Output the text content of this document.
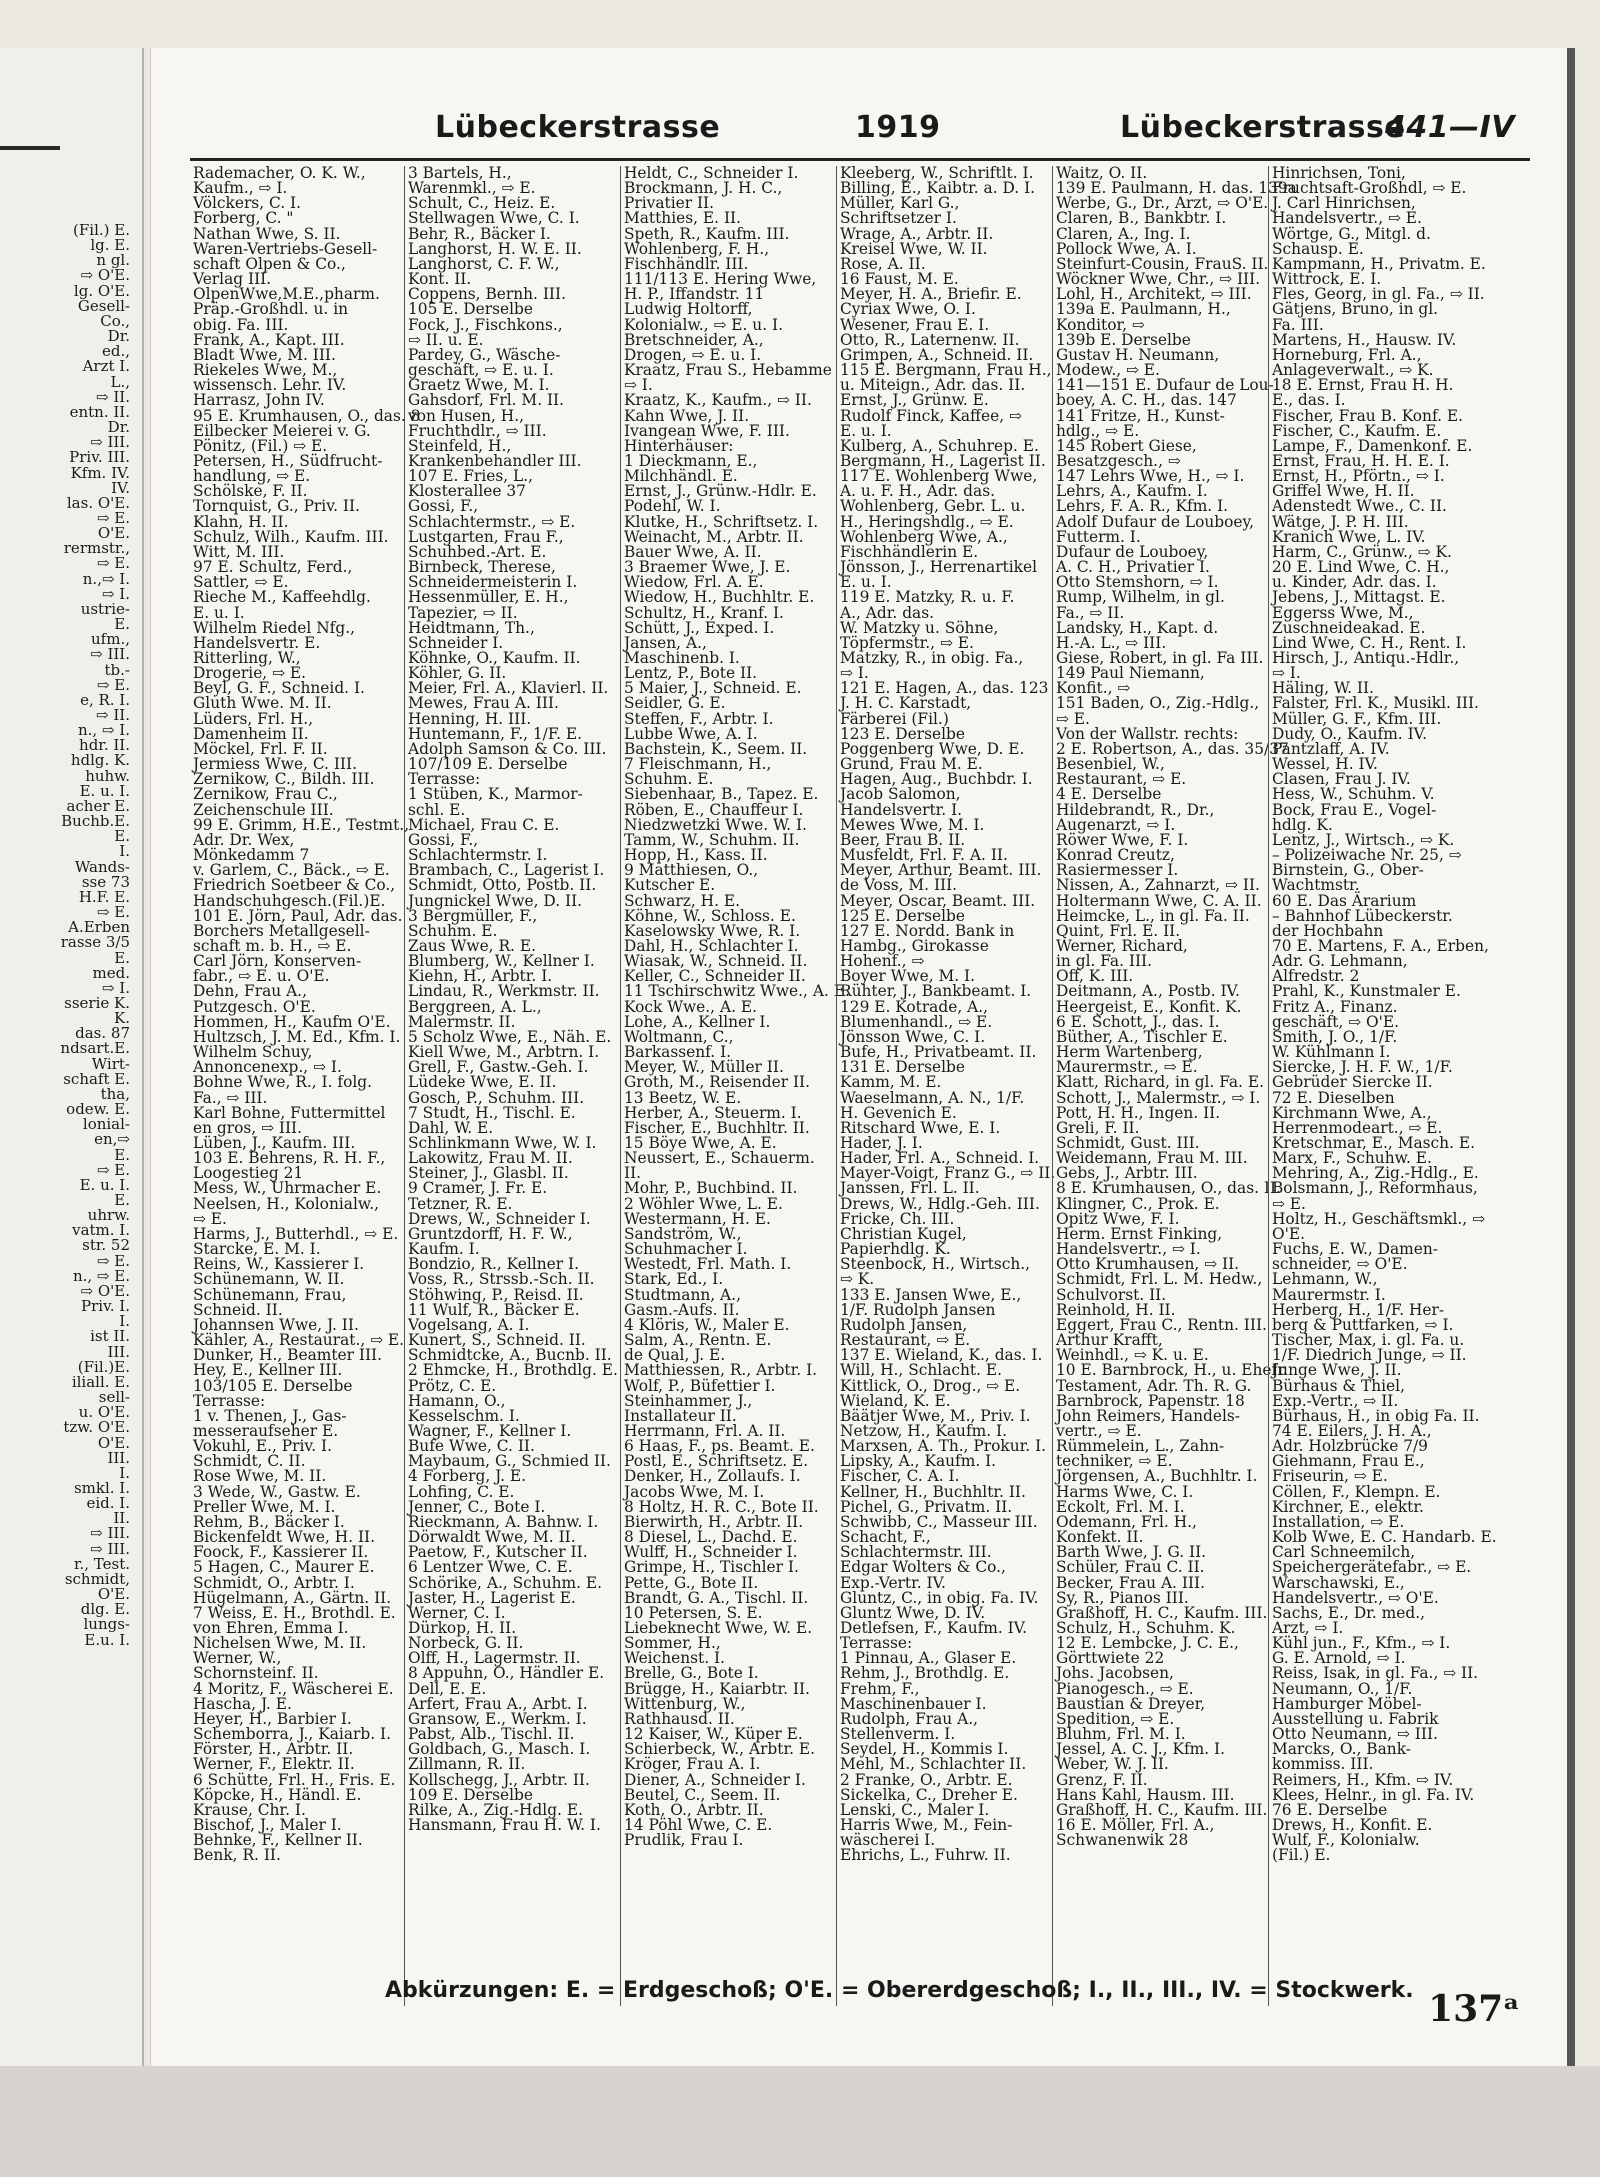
(Fil.) E.
lg. E.
n gl.
⇨ O'E.
lg. O'E.
Gesell-
Co.,
Dr.
ed.,
Arzt I.
L.,
⇨ II.
entn. II.
Dr.
⇨ III.
Priv. III.
Kfm. IV.
IV.
las. O'E.
⇨ E.
O'E.
rermstr.,
⇨ E.
n.,⇨ I.
⇨ I.
ustrie-
E.
ufm.,
⇨ III.
tb.-
⇨ E.
e, R. I.
⇨ II.
n., ⇨ I.
hdr. II.
hdlg. K.
huhw.
E. u. I.
acher E.
Buchb.E.
E.
I.
Wands-
sse 73
H.F. E.
⇨ E.
A.Erben
rasse 3/5
E.
med.
⇨ I.
sserie K.
K.
das. 87
ndsart.E.
Wirt-
schaft E.
tha,
odew. E.
lonial-
en,⇨
E.
⇨ E.
E. u. I.
E.
uhrw.
vatm. I.
str. 52
⇨ E.
n., ⇨ E.
⇨ O'E.
Priv. I.
I.
ist II.
III.
(Fil.)E.
iliall. E.
sell-
u. O'E.
tzw. O'E.
O'E.
III.
I.
smkl. I.
eid. I.
II.
⇨ III.
⇨ III.
r., Test.
schmidt,
O'E.
dlg. E.
lungs-
E.u. I.
Lübeckerstrasse	1919	Lübeckerstrasse
441—IV
Rademacher, O. K. W.,
Kaufm., ⇨ I.
Völckers, C. I.
Forberg, C. "
Nathan Wwe, S. II.
Waren-Vertriebs-Gesell-
schaft Olpen & Co.,
Verlag III.
OlpenWwe,M.E.,pharm.
Präp.-Großhdl. u. in
obig. Fa. III.
Frank, A., Kapt. III.
Bladt Wwe, M. III.
Riekeles Wwe, M.,
wissensch. Lehr. IV.
Harrasz, John IV.
95 E. Krumhausen, O., das. 8
Eilbecker Meierei v. G.
Pönitz, (Fil.) ⇨ E.
Petersen, H., Südfrucht-
handlung, ⇨ E.
Schölske, F. II.
Tornquist, G., Priv. II.
Klahn, H. II.
Schulz, Wilh., Kaufm. III.
Witt, M. III.
97 E. Schultz, Ferd.,
Sattler, ⇨ E.
Rieche M., Kaffeehdlg.
E. u. I.
Wilhelm Riedel Nfg.,
Handelsvertr. E.
Ritterling, W.,
Drogerie, ⇨ E.
Beyl, G. F., Schneid. I.
Gluth Wwe. M. II.
Lüders, Frl. H.,
Damenheim II.
Möckel, Frl. F. II.
Jermiess Wwe, C. III.
Zernikow, C., Bildh. III.
Zernikow, Frau C.,
Zeichenschule III.
99 E. Grimm, H.E., Testmt.,
Adr. Dr. Wex,
Mönkedamm 7
v. Garlem, C., Bäck., ⇨ E.
Friedrich Soetbeer & Co.,
Handschuhgesch.(Fil.)E.
101 E. Jörn, Paul, Adr. das.
Borchers Metallgesell-
schaft m. b. H., ⇨ E.
Carl Jörn, Konserven-
fabr., ⇨ E. u. O'E.
Dehn, Frau A.,
Putzgesch. O'E.
Hommen, H., Kaufm O'E.
Hultzsch, J. M. Ed., Kfm. I.
Wilhelm Schuy,
Annoncenexp., ⇨ I.
Bohne Wwe, R., I. folg.
Fa., ⇨ III.
Karl Bohne, Futtermittel
en gros, ⇨ III.
Lüben, J., Kaufm. III.
103 E. Behrens, R. H. F.,
Loogestieg 21
Mess, W., Uhrmacher E.
Neelsen, H., Kolonialw.,
⇨ E.
Harms, J., Butterhdl., ⇨ E.
Starcke, E. M. I.
Reins, W., Kassierer I.
Schünemann, W. II.
Schünemann, Frau,
Schneid. II.
Johannsen Wwe, J. II.
Kähler, A., Restaurat., ⇨ E.
Dunker, H., Beamter III.
Hey, E., Kellner III.
103/105 E. Derselbe
Terrasse:
1 v. Thenen, J., Gas-
messeraufseher E.
Vokuhl, E., Priv. I.
Schmidt, C. II.
Rose Wwe, M. II.
3 Wede, W., Gastw. E.
Preller Wwe, M. I.
Rehm, B., Bäcker I.
Bickenfeldt Wwe, H. II.
Foock, F., Kassierer II.
5 Hagen, C., Maurer E.
Schmidt, O., Arbtr. I.
Hügelmann, A., Gärtn. II.
7 Weiss, E. H., Brothdl. E.
von Ehren, Emma I.
Nichelsen Wwe, M. II.
Werner, W.,
Schornsteinf. II.
4 Moritz, F., Wäscherei E.
Hascha, J. E.
Heyer, H., Barbier I.
Schemborra, J., Kaiarb. I.
Förster, H., Arbtr. II.
Werner, F., Elektr. II.
6 Schütte, Frl. H., Fris. E.
Köpcke, H., Händl. E.
Krause, Chr. I.
Bischof, J., Maler I.
Behnke, F., Kellner II.
Benk, R. II.
3 Bartels, H.,
Warenmkl., ⇨ E.
Schult, C., Heiz. E.
Stellwagen Wwe, C. I.
Behr, R., Bäcker I.
Langhorst, H. W. E. II.
Langhorst, C. F. W.,
Kont. II.
Coppens, Bernh. III.
105 E. Derselbe
Fock, J., Fischkons.,
⇨ II. u. E.
Pardey, G., Wäsche-
geschäft, ⇨ E. u. I.
Graetz Wwe, M. I.
Gahsdorf, Frl. M. II.
von Husen, H.,
Fruchthdlr., ⇨ III.
Steinfeld, H.,
Krankenbehandler III.
107 E. Fries, L.,
Klosterallee 37
Gossi, F.,
Schlachtermstr., ⇨ E.
Lustgarten, Frau F.,
Schuhbed.-Art. E.
Birnbeck, Therese,
Schneidermeisterin I.
Hessenmüller, E. H.,
Tapezier, ⇨ II.
Heidtmann, Th.,
Schneider I.
Köhnke, O., Kaufm. II.
Köhler, G. II.
Meier, Frl. A., Klavierl. II.
Mewes, Frau A. III.
Henning, H. III.
Huntemann, F., 1/F. E.
Adolph Samson & Co. III.
107/109 E. Derselbe
Terrasse:
1 Stüben, K., Marmor-
schl. E.
Michael, Frau C. E.
Gossi, F.,
Schlachtermstr. I.
Brambach, C., Lagerist I.
Schmidt, Otto, Postb. II.
Jungnickel Wwe, D. II.
3 Bergmüller, F.,
Schuhm. E.
Zaus Wwe, R. E.
Blumberg, W., Kellner I.
Kiehn, H., Arbtr. I.
Lindau, R., Werkmstr. II.
Berggreen, A. L.,
Malermstr. II.
5 Scholz Wwe, E., Näh. E.
Kiell Wwe, M., Arbtrn. I.
Grell, F., Gastw.-Geh. I.
Lüdeke Wwe, E. II.
Gosch, P., Schuhm. III.
7 Studt, H., Tischl. E.
Dahl, W. E.
Schlinkmann Wwe, W. I.
Lakowitz, Frau M. II.
Steiner, J., Glasbl. II.
9 Cramer, J. Fr. E.
Tetzner, R. E.
Drews, W., Schneider I.
Gruntzdorff, H. F. W.,
Kaufm. I.
Bondzio, R., Kellner I.
Voss, R., Strssb.-Sch. II.
Stöhwing, P., Reisd. II.
11 Wulf, R., Bäcker E.
Vogelsang, A. I.
Kunert, S., Schneid. II.
Schmidtcke, A., Bucnb. II.
2 Ehmcke, H., Brothdlg. E.
Prötz, C. E.
Hamann, O.,
Kesselschm. I.
Wagner, F., Kellner I.
Bufe Wwe, C. II.
Maybaum, G., Schmied II.
4 Forberg, J. E.
Lohfing, C. E.
Jenner, C., Bote I.
Rieckmann, A. Bahnw. I.
Dörwaldt Wwe, M. II.
Paetow, F., Kutscher II.
6 Lentzer Wwe, C. E.
Schörike, A., Schuhm. E.
Jaster, H., Lagerist E.
Werner, C. I.
Dürkop, H. II.
Norbeck, G. II.
Olff, H., Lagermstr. II.
8 Appuhn, O., Händler E.
Dell, E. E.
Arfert, Frau A., Arbt. I.
Gransow, E., Werkm. I.
Pabst, Alb., Tischl. II.
Goldbach, G., Masch. I.
Zillmann, R. II.
Kollschegg, J., Arbtr. II.
109 E. Derselbe
Rilke, A., Zig.-Hdlg. E.
Hansmann, Frau H. W. I.
Heldt, C., Schneider I.
Brockmann, J. H. C.,
Privatier II.
Matthies, E. II.
Speth, R., Kaufm. III.
Wohlenberg, F. H.,
Fischhändlr. III.
111/113 E. Hering Wwe,
H. P., Iffandstr. 11
Ludwig Holtorff,
Kolonialw., ⇨ E. u. I.
Bretschneider, A.,
Drogen, ⇨ E. u. I.
Kraatz, Frau S., Hebamme
⇨ I.
Kraatz, K., Kaufm., ⇨ II.
Kahn Wwe, J. II.
Ivangean Wwe, F. III.
Hinterhäuser:
1 Dieckmann, E.,
Milchhändl. E.
Ernst, J., Grünw.-Hdlr. E.
Podehl, W. I.
Klutke, H., Schriftsetz. I.
Weinacht, M., Arbtr. II.
Bauer Wwe, A. II.
3 Braemer Wwe, J. E.
Wiedow, Frl. A. E.
Wiedow, H., Buchhltr. E.
Schultz, H., Kranf. I.
Schütt, J., Exped. I.
Jansen, A.,
Maschinenb. I.
Lentz, P., Bote II.
5 Maier, J., Schneid. E.
Seidler, G. E.
Steffen, F., Arbtr. I.
Lubbe Wwe, A. I.
Bachstein, K., Seem. II.
7 Fleischmann, H.,
Schuhm. E.
Siebenhaar, B., Tapez. E.
Röben, E., Chauffeur I.
Niedzwetzki Wwe. W. I.
Tamm, W., Schuhm. II.
Hopp, H., Kass. II.
9 Matthiesen, O.,
Kutscher E.
Schwarz, H. E.
Köhne, W., Schloss. E.
Kaselowsky Wwe, R. I.
Dahl, H., Schlachter I.
Wiasak, W., Schneid. II.
Keller, C., Schneider II.
11 Tschirschwitz Wwe., A. E.
Kock Wwe., A. E.
Lohe, A., Kellner I.
Woltmann, C.,
Barkassenf. I.
Meyer, W., Müller II.
Groth, M., Reisender II.
13 Beetz, W. E.
Herber, A., Steuerm. I.
Fischer, E., Buchhltr. II.
15 Böye Wwe, A. E.
Neussert, E., Schauerm.
II.
Mohr, P., Buchbind. II.
2 Wöhler Wwe, L. E.
Westermann, H. E.
Sandström, W.,
Schuhmacher I.
Westedt, Frl. Math. I.
Stark, Ed., I.
Studtmann, A.,
Gasm.-Aufs. II.
4 Klöris, W., Maler E.
Salm, A., Rentn. E.
de Qual, J. E.
Matthiessen, R., Arbtr. I.
Wolf, P., Büfettier I.
Steinhammer, J.,
Installateur II.
Herrmann, Frl. A. II.
6 Haas, F., ps. Beamt. E.
Postl, E., Schriftsetz. E.
Denker, H., Zollaufs. I.
Jacobs Wwe, M. I.
8 Holtz, H. R. C., Bote II.
Bierwirth, H., Arbtr. II.
8 Diesel, L., Dachd. E.
Wulff, H., Schneider I.
Grimpe, H., Tischler I.
Pette, G., Bote II.
Brandt, G. A., Tischl. II.
10 Petersen, S. E.
Liebeknecht Wwe, W. E.
Sommer, H.,
Weichenst. I.
Brelle, G., Bote I.
Brügge, H., Kaiarbtr. II.
Wittenburg, W.,
Rathhausd. II.
12 Kaiser, W., Küper E.
Schierbeck, W., Arbtr. E.
Kröger, Frau A. I.
Diener, A., Schneider I.
Beutel, C., Seem. II.
Koth, O., Arbtr. II.
14 Pöhl Wwe, C. E.
Prudlik, Frau I.
Kleeberg, W., Schriftlt. I.
Billing, E., Kaibtr. a. D. I.
Müller, Karl G.,
Schriftsetzer I.
Wrage, A., Arbtr. II.
Kreisel Wwe, W. II.
Rose, A. II.
16 Faust, M. E.
Meyer, H. A., Briefir. E.
Cyriax Wwe, O. I.
Wesener, Frau E. I.
Otto, R., Laternenw. II.
Grimpen, A., Schneid. II.
115 E. Bergmann, Frau H.,
u. Miteign., Adr. das. II.
Ernst, J., Grünw. E.
Rudolf Finck, Kaffee, ⇨
E. u. I.
Kulberg, A., Schuhrep. E.
Bergmann, H., Lagerist II.
117 E. Wohlenberg Wwe,
A. u. F. H., Adr. das.
Wohlenberg, Gebr. L. u.
H., Heringshdlg., ⇨ E.
Wohlenberg Wwe, A.,
Fischhändlerin E.
Jönsson, J., Herrenartikel
E. u. I.
119 E. Matzky, R. u. F.
A., Adr. das.
W. Matzky u. Söhne,
Töpfermstr., ⇨ E.
Matzky, R., in obig. Fa.,
⇨ I.
121 E. Hagen, A., das. 123
J. H. C. Karstadt,
Färberei (Fil.)
123 E. Derselbe
Poggenberg Wwe, D. E.
Grund, Frau M. E.
Hagen, Aug., Buchbdr. I.
Jacob Salomon,
Handelsvertr. I.
Mewes Wwe, M. I.
Beer, Frau B. II.
Musfeldt, Frl. F. A. II.
Meyer, Arthur, Beamt. III.
de Voss, M. III.
Meyer, Oscar, Beamt. III.
125 E. Derselbe
127 E. Nordd. Bank in
Hambg., Girokasse
Hohenf., ⇨
Boyer Wwe, M. I.
Rühter, J., Bankbeamt. I.
129 E. Kotrade, A.,
Blumenhandl., ⇨ E.
Jönsson Wwe, C. I.
Bufe, H., Privatbeamt. II.
131 E. Derselbe
Kamm, M. E.
Waeselmann, A. N., 1/F.
H. Gevenich E.
Ritschard Wwe, E. I.
Hader, J. I.
Hader, Frl. A., Schneid. I.
Mayer-Voigt, Franz G., ⇨ II.
Janssen, Frl. L. II.
Drews, W., Hdlg.-Geh. III.
Fricke, Ch. III.
Christian Kugel,
Papierhdlg. K.
Steenbock, H., Wirtsch.,
⇨ K.
133 E. Jansen Wwe, E.,
1/F. Rudolph Jansen
Rudolph Jansen,
Restaurant, ⇨ E.
137 E. Wieland, K., das. I.
Will, H., Schlacht. E.
Kittlick, O., Drog., ⇨ E.
Wieland, K. E.
Bäätjer Wwe, M., Priv. I.
Netzow, H., Kaufm. I.
Marxsen, A. Th., Prokur. I.
Lipsky, A., Kaufm. I.
Fischer, C. A. I.
Kellner, H., Buchhltr. II.
Pichel, G., Privatm. II.
Schwibb, C., Masseur III.
Schacht, F.,
Schlachtermstr. III.
Edgar Wolters & Co.,
Exp.-Vertr. IV.
Gluntz, C., in obig. Fa. IV.
Gluntz Wwe, D. IV.
Detlefsen, F., Kaufm. IV.
Terrasse:
1 Pinnau, A., Glaser E.
Rehm, J., Brothdlg. E.
Frehm, F.,
Maschinenbauer I.
Rudolph, Frau A.,
Stellenverm. I.
Seydel, H., Kommis I.
Mehl, M., Schlachter II.
2 Franke, O., Arbtr. E.
Sickelka, C., Dreher E.
Lenski, C., Maler I.
Harris Wwe, M., Fein-
wäscherei I.
Ehrichs, L., Fuhrw. II.
Waitz, O. II.
139 E. Paulmann, H. das. 139a
Werbe, G., Dr., Arzt, ⇨ O'E.
Claren, B., Bankbtr. I.
Claren, A., Ing. I.
Pollock Wwe, A. I.
Steinfurt-Cousin, FrauS. II.
Wöckner Wwe, Chr., ⇨ III.
Lohl, H., Architekt, ⇨ III.
139a E. Paulmann, H.,
Konditor, ⇨
139b E. Derselbe
Gustav H. Neumann,
Modew., ⇨ E.
141—151 E. Dufaur de Lou-
boey, A. C. H., das. 147
141 Fritze, H., Kunst-
hdlg., ⇨ E.
145 Robert Giese,
Besatzgesch., ⇨
147 Lehrs Wwe, H., ⇨ I.
Lehrs, A., Kaufm. I.
Lehrs, F. A. R., Kfm. I.
Adolf Dufaur de Louboey,
Futterm. I.
Dufaur de Louboey,
A. C. H., Privatier I.
Otto Stemshorn, ⇨ I.
Rump, Wilhelm, in gl.
Fa., ⇨ II.
Landsky, H., Kapt. d.
H.-A. L., ⇨ III.
Giese, Robert, in gl. Fa III.
149 Paul Niemann,
Konfit., ⇨
151 Baden, O., Zig.-Hdlg.,
⇨ E.
Von der Wallstr. rechts:
2 E. Robertson, A., das. 35/37
Besenbiel, W.,
Restaurant, ⇨ E.
4 E. Derselbe
Hildebrandt, R., Dr.,
Augenarzt, ⇨ I.
Röwer Wwe, F. I.
Konrad Creutz,
Rasiermesser I.
Nissen, A., Zahnarzt, ⇨ II.
Holtermann Wwe, C. A. II.
Heimcke, L., in gl. Fa. II.
Quint, Frl. E. II.
Werner, Richard,
in gl. Fa. III.
Off, K. III.
Deitmann, A., Postb. IV.
Heergeist, E., Konfit. K.
6 E. Schott, J., das. I.
Büther, A., Tischler E.
Herm Wartenberg,
Maurermstr., ⇨ E.
Klatt, Richard, in gl. Fa. E.
Schott, J., Malermstr., ⇨ I.
Pott, H. H., Ingen. II.
Greli, F. II.
Schmidt, Gust. III.
Weidemann, Frau M. III.
Gebs, J., Arbtr. III.
8 E. Krumhausen, O., das. II.
Klingner, C., Prok. E.
Opitz Wwe, F. I.
Herm. Ernst Finking,
Handelsvertr., ⇨ I.
Otto Krumhausen, ⇨ II.
Schmidt, Frl. L. M. Hedw.,
Schulvorst. II.
Reinhold, H. II.
Eggert, Frau C., Rentn. III.
Arthur Krafft,
Weinhdl., ⇨ K. u. E.
10 E. Barnbrock, H., u. Ehefr.
Testament, Adr. Th. R. G.
Barnbrock, Papenstr. 18
John Reimers, Handels-
vertr., ⇨ E.
Rümmelein, L., Zahn-
techniker, ⇨ E.
Jörgensen, A., Buchhltr. I.
Harms Wwe, C. I.
Eckolt, Frl. M. I.
Odemann, Frl. H.,
Konfekt. II.
Barth Wwe, J. G. II.
Schüler, Frau C. II.
Becker, Frau A. III.
Sy, R., Pianos III.
Graßhoff, H. C., Kaufm. III.
Schulz, H., Schuhm. K.
12 E. Lembcke, J. C. E.,
Görttwiete 22
Johs. Jacobsen,
Pianogesch., ⇨ E.
Baustian & Dreyer,
Spedition, ⇨ E.
Bluhm, Frl. M. I.
Jessel, A. C. J., Kfm. I.
Weber, W. J. II.
Grenz, F. II.
Hans Kahl, Hausm. III.
Graßhoff, H. C., Kaufm. III.
16 E. Möller, Frl. A.,
Schwanenwik 28
Hinrichsen, Toni,
Fruchtsaft-Großhdl, ⇨ E.
J. Carl Hinrichsen,
Handelsvertr., ⇨ E.
Wörtge, G., Mitgl. d.
Schausp. E.
Kampmann, H., Privatm. E.
Wittrock, E. I.
Fles, Georg, in gl. Fa., ⇨ II.
Gätjens, Bruno, in gl.
Fa. III.
Martens, H., Hausw. IV.
Horneburg, Frl. A.,
Anlageverwalt., ⇨ K.
18 E. Ernst, Frau H. H.
E., das. I.
Fischer, Frau B. Konf. E.
Fischer, C., Kaufm. E.
Lampe, F., Damenkonf. E.
Ernst, Frau, H. H. E. I.
Ernst, H., Pförtn., ⇨ I.
Griffel Wwe, H. II.
Adenstedt Wwe., C. II.
Wätge, J. P. H. III.
Kranich Wwe, L. IV.
Harm, C., Grünw., ⇨ K.
20 E. Lind Wwe, C. H.,
u. Kinder, Adr. das. I.
Jebens, J., Mittagst. E.
Eggerss Wwe, M.,
Zuschneideakad. E.
Lind Wwe, C. H., Rent. I.
Hirsch, J., Antiqu.-Hdlr.,
⇨ I.
Häling, W. II.
Falster, Frl. K., Musikl. III.
Müller, G. F., Kfm. III.
Dudy, O., Kaufm. IV.
Pantzlaff, A. IV.
Wessel, H. IV.
Clasen, Frau J. IV.
Hess, W., Schuhm. V.
Bock, Frau E., Vogel-
hdlg. K.
Lentz, J., Wirtsch., ⇨ K.
– Polizeiwache Nr. 25, ⇨
Birnstein, G., Ober-
Wachtmstr.
60 E. Das Ärarium
– Bahnhof Lübeckerstr.
der Hochbahn
70 E. Martens, F. A., Erben,
Adr. G. Lehmann,
Alfredstr. 2
Prahl, K., Kunstmaler E.
Fritz A., Finanz.
geschäft, ⇨ O'E.
Smith, J. O., 1/F.
W. Kühlmann I.
Siercke, J. H. F. W., 1/F.
Gebrüder Siercke II.
72 E. Dieselben
Kirchmann Wwe, A.,
Herrenmodeart., ⇨ E.
Kretschmar, E., Masch. E.
Marx, F., Schuhw. E.
Mehring, A., Zig.-Hdlg., E.
Bolsmann, J., Reformhaus,
⇨ E.
Holtz, H., Geschäftsmkl., ⇨
O'E.
Fuchs, E. W., Damen-
schneider, ⇨ O'E.
Lehmann, W.,
Maurermstr. I.
Herberg, H., 1/F. Her-
berg & Puttfarken, ⇨ I.
Tischer, Max, i. gl. Fa. u.
1/F. Diedrich Junge, ⇨ II.
Junge Wwe, J. II.
Bürhaus & Thiel,
Exp.-Vertr., ⇨ II.
Bürhaus, H., in obig Fa. II.
74 E. Eilers, J. H. A.,
Adr. Holzbrücke 7/9
Giehmann, Frau E.,
Friseurin, ⇨ E.
Cöllen, F., Klempn. E.
Kirchner, E., elektr.
Installation, ⇨ E.
Kolb Wwe, E. C. Handarb. E.
Carl Schneemilch,
Speichergerätefabr., ⇨ E.
Warschawski, E.,
Handelsvertr., ⇨ O'E.
Sachs, E., Dr. med.,
Arzt, ⇨ I.
Kühl jun., F., Kfm., ⇨ I.
G. E. Arnold, ⇨ I.
Reiss, Isak, in gl. Fa., ⇨ II.
Neumann, O., 1/F.
Hamburger Möbel-
Ausstellung u. Fabrik
Otto Neumann, ⇨ III.
Marcks, O., Bank-
kommiss. III.
Reimers, H., Kfm. ⇨ IV.
Klees, Helnr., in gl. Fa. IV.
76 E. Derselbe
Drews, H., Konfit. E.
Wulf, F., Kolonialw.
(Fil.) E.
Abkürzungen: E. = Erdgeschoß; O'E. = Obererdgeschoß; I., II., III., IV. = Stockwerk. 137ᵃ
